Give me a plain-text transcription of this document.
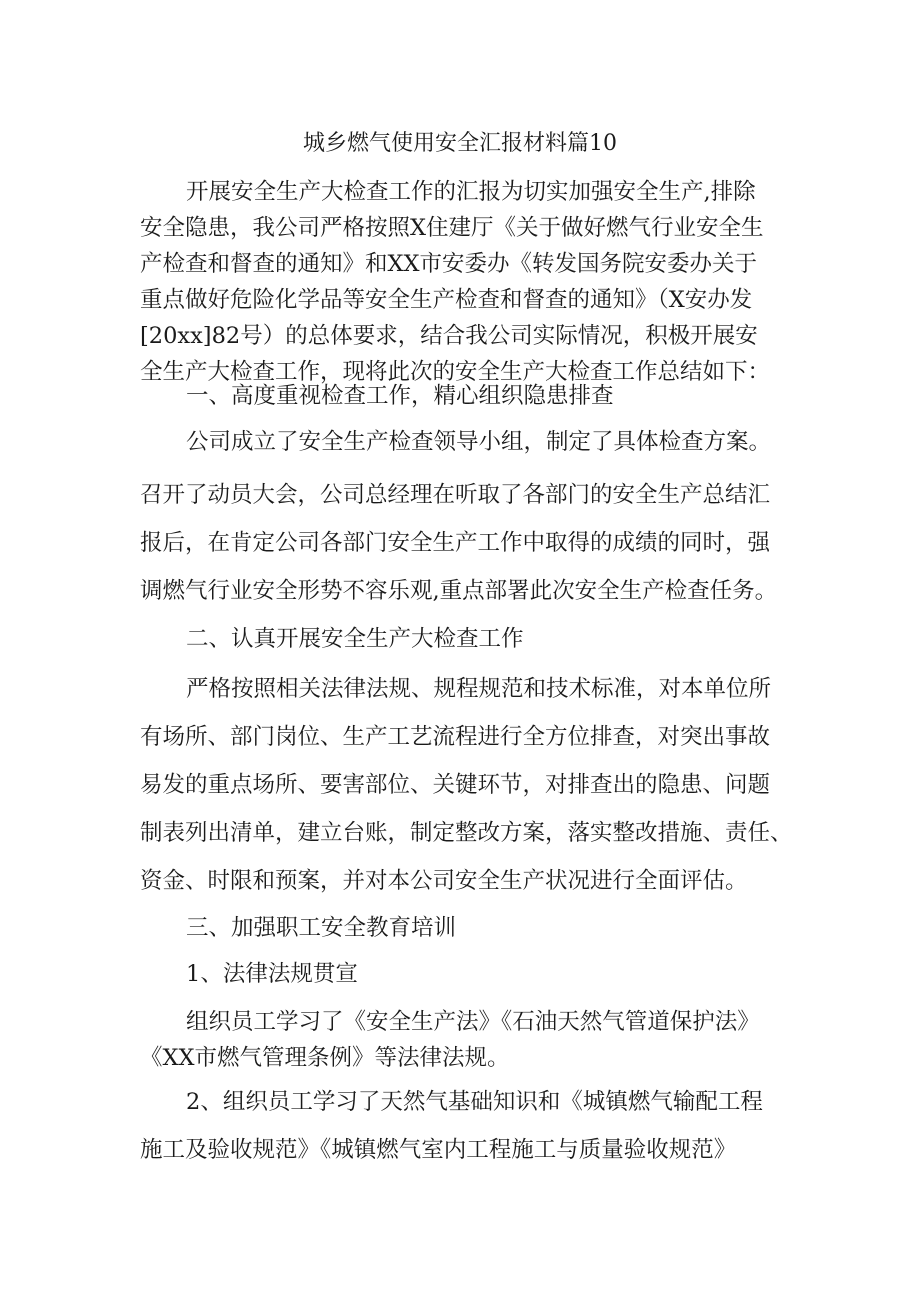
城乡燃气使用安全汇报材料篇10
开展安全生产大检查工作的汇报为切实加强安全生产,排除
安全隐患，我公司严格按照X住建厅《关于做好燃气行业安全生
产检查和督查的通知》和XX市安委办《转发国务院安委办关于
重点做好危险化学品等安全生产检查和督查的通知》（X安办发
[20xx]82号）的总体要求，结合我公司实际情况，积极开展安
全生产大检查工作，现将此次的安全生产大检查工作总结如下：
一、高度重视检查工作，精心组织隐患排查
公司成立了安全生产检查领导小组，制定了具体检查方案。
召开了动员大会，公司总经理在听取了各部门的安全生产总结汇
报后，在肯定公司各部门安全生产工作中取得的成绩的同时，强
调燃气行业安全形势不容乐观,重点部署此次安全生产检查任务。
二、认真开展安全生产大检查工作
严格按照相关法律法规、规程规范和技术标准，对本单位所
有场所、部门岗位、生产工艺流程进行全方位排查，对突出事故
易发的重点场所、要害部位、关键环节，对排查出的隐患、问题
制表列出清单，建立台账，制定整改方案，落实整改措施、责任、
资金、时限和预案，并对本公司安全生产状况进行全面评估。
三、加强职工安全教育培训
1、法律法规贯宣
组织员工学习了《安全生产法》《石油天然气管道保护法》
《XX市燃气管理条例》等法律法规。
2、组织员工学习了天然气基础知识和《城镇燃气输配工程
施工及验收规范》《城镇燃气室内工程施工与质量验收规范》
